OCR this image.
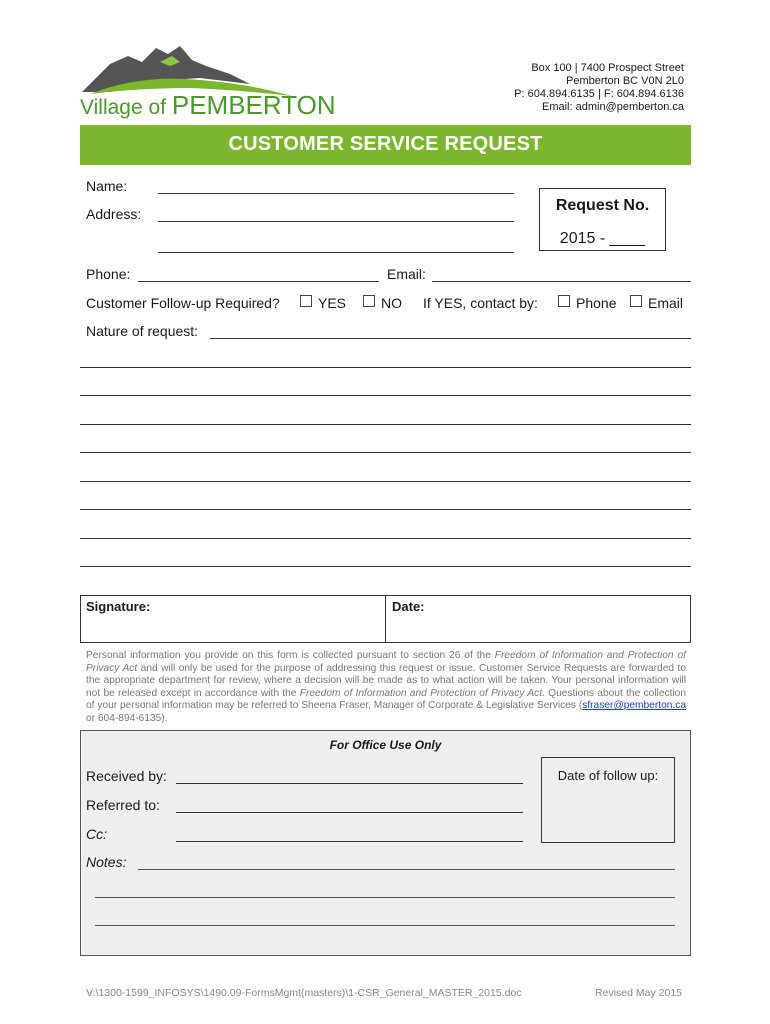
Village of PEMBERTON
Box 100 | 7400 Prospect Street
Pemberton BC V0N 2L0
P: 604.894.6135 | F: 604.894.6136
Email: admin@pemberton.ca
CUSTOMER SERVICE REQUEST
Name:
Address:	Request No.
2015 - ____
Phone:	Email:
Customer Follow-up Required?	YES NO If YES, contact by:	Phone Email
Nature of request:
Signature:	Date:
Personal information you provide on this form is collected pursuant to section 26 of the Freedom of Information and Protection of Privacy Act and will only be used for the purpose of addressing this request or issue. Customer Service Requests are forwarded to the appropriate department for review, where a decision will be made as to what action will be taken. Your personal information will not be released except in accordance with the Freedom of Information and Protection of Privacy Act. Questions about the collection of your personal information may be referred to Sheena Fraser, Manager of Corporate & Legislative Services (sfraser@pemberton.ca or 604-894-6135).
For Office Use Only
Received by:
Referred to:
Cc:
Notes:
Date of follow up:
V:\1300-1599_INFOSYS\1490.09-FormsMgmt(masters)\1-CSR_General_MASTER_2015.doc	Revised May 2015
